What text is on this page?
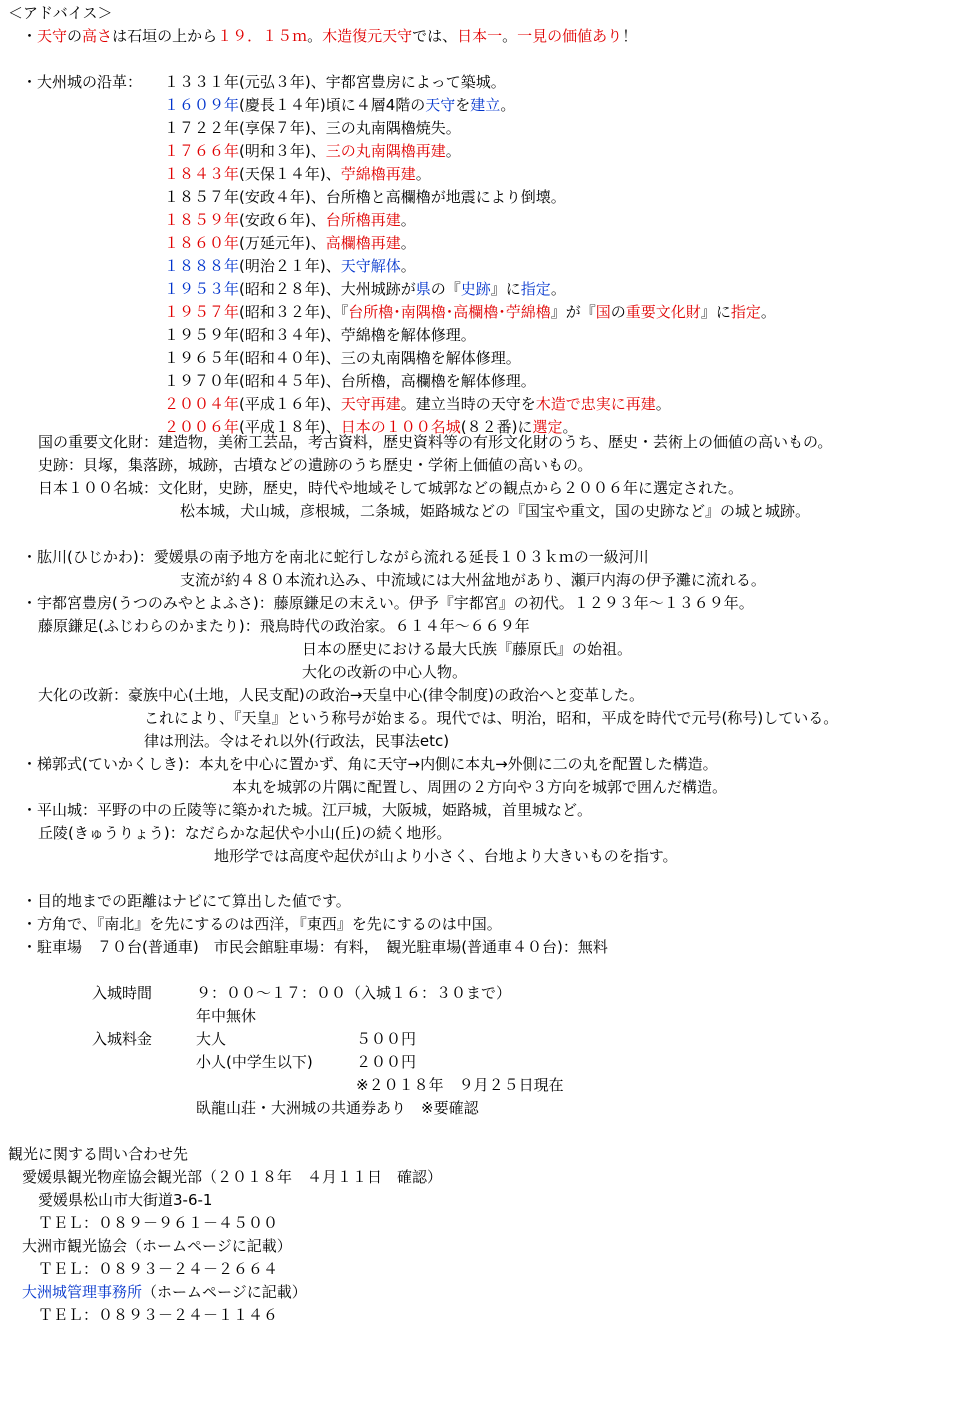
＜アドバイス＞
・天守の高さは石垣の上から１９．１５ｍ。木造復元天守では、日本一。一見の価値あり！
・大州城の沿革： １３３１年(元弘３年)、宇都宮豊房によって築城。
１６０９年(慶長１４年)頃に４層4階の天守を建立。
１７２２年(享保７年)、三の丸南隅櫓焼失。
１７６６年(明和３年)、三の丸南隅櫓再建。
１８４３年(天保１４年)、苧綿櫓再建。
１８５７年(安政４年)、台所櫓と高欄櫓が地震により倒壊。
１８５９年(安政６年)、台所櫓再建。
１８６０年(万延元年)、高欄櫓再建。
１８８８年(明治２１年)、天守解体。
１９５３年(昭和２８年)、大州城跡が県の『史跡』に指定。
１９５７年(昭和３２年)、『台所櫓･南隅櫓･高欄櫓･苧綿櫓』が『国の重要文化財』に指定。
１９５９年(昭和３４年)、苧綿櫓を解体修理。
１９６５年(昭和４０年)、三の丸南隅櫓を解体修理。
１９７０年(昭和４５年)、台所櫓，高欄櫓を解体修理。
２００４年(平成１６年)、天守再建。建立当時の天守を木造で忠実に再建。
２００６年(平成１８年)、日本の１００名城(８２番)に選定。
国の重要文化財：建造物，美術工芸品，考古資料，歴史資料等の有形文化財のうち、歴史・芸術上の価値の高いもの。
史跡：貝塚，集落跡，城跡，古墳などの遺跡のうち歴史・学術上価値の高いもの。
日本１００名城：文化財，史跡，歴史，時代や地域そして城郭などの観点から２００６年に選定された。
松本城，犬山城，彦根城，二条城，姫路城などの『国宝や重文，国の史跡など』の城と城跡。
・肱川(ひじかわ)：愛媛県の南予地方を南北に蛇行しながら流れる延長１０３ｋｍの一級河川
支流が約４８０本流れ込み、中流域には大州盆地があり、瀬戸内海の伊予灘に流れる。
・宇都宮豊房(うつのみやとよふさ)：藤原鎌足の末えい。伊予『宇都宮』の初代。１２９３年～１３６９年。
藤原鎌足(ふじわらのかまたり)：飛鳥時代の政治家。６１４年～６６９年
日本の歴史における最大氏族『藤原氏』の始祖。
大化の改新の中心人物。
大化の改新：豪族中心(土地，人民支配)の政治→天皇中心(律令制度)の政治へと変革した。
これにより、『天皇』という称号が始まる。現代では、明治，昭和，平成を時代で元号(称号)している。
律は刑法。令はそれ以外(行政法，民事法etc)
・梯郭式(ていかくしき)：本丸を中心に置かず、角に天守→内側に本丸→外側に二の丸を配置した構造。
本丸を城郭の片隅に配置し、周囲の２方向や３方向を城郭で囲んだ構造。
・平山城：平野の中の丘陵等に築かれた城。江戸城，大阪城，姫路城，首里城など。
丘陵(きゅうりょう)：なだらかな起伏や小山(丘)の続く地形。
地形学では高度や起伏が山より小さく、台地より大きいものを指す。
・目的地までの距離はナビにて算出した値です。
・方角で、『南北』を先にするのは西洋，『東西』を先にするのは中国。
・駐車場　７０台(普通車)　市民会館駐車場：有料，　観光駐車場(普通車４０台)：無料
入城時間	９：００～１７：００（入城１６：３０まで）
年中無休
入城料金	大人	５００円
小人(中学生以下)	２００円
※２０１８年　９月２５日現在
臥龍山荘・大洲城の共通券あり　※要確認
観光に関する問い合わせ先
愛媛県観光物産協会観光部（２０１８年　４月１１日　確認）
愛媛県松山市大街道3-6-1
ＴＥＬ：０８９－９６１－４５００
大洲市観光協会（ホームページに記載）
ＴＥＬ：０８９３－２４－２６６４
大洲城管理事務所（ホームページに記載）
ＴＥＬ：０８９３－２４－１１４６
